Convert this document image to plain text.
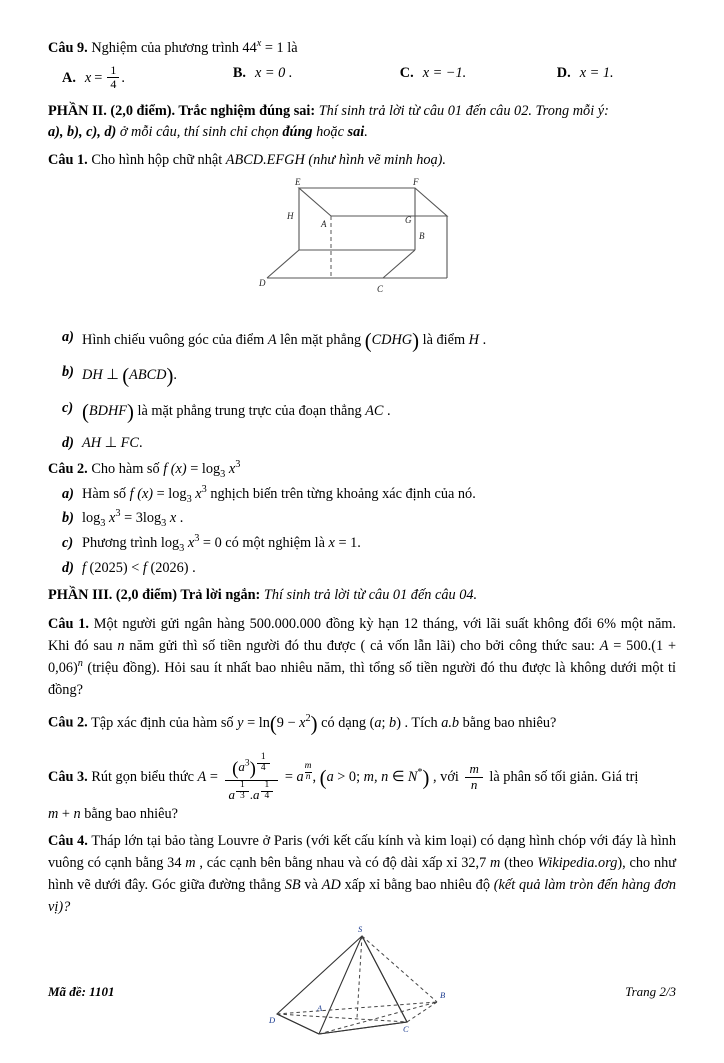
Câu 9. Nghiệm của phương trình $44^x = 1$ là
A. $x = \frac{1}{4}$ .	B. x = 0 .	C. x = −1.	D. x = 1.
PHẦN II. (2,0 điểm). Trắc nghiệm đúng sai: Thí sinh trả lời từ câu 01 đến câu 02. Trong mỗi ý:
a), b), c), d) ở mỗi câu, thí sinh chỉ chọn đúng hoặc sai.
Câu 1. Cho hình hộp chữ nhật ABCD.EFGH (như hình vẽ minh hoạ).
E	F
H	G
A
B
D
C
a) Hình chiếu vuông góc của điểm A lên mặt phẳng (CDHG) là điểm H .
b) DH ⊥ (ABCD).
c) (BDHF) là mặt phẳng trung trực của đoạn thẳng AC .
d) AH ⊥ FC.
Câu 2. Cho hàm số f $(x) = \log_3 x^3$
a) Hàm số f $(x) = \log_3 x^3$ nghịch biến trên từng khoảng xác định của nó.
b) $\log_3 x^3 = 3\log_3$ x .
c) Phương trình $\log_3 x^3 = 0$ có một nghiệm là x = 1.
d) f (2025) < f (2026) .
PHẦN III. (2,0 điểm) Trả lời ngắn: Thí sinh trả lời từ câu 01 đến câu 04.
Câu 1. Một người gửi ngân hàng 500.000.000 đồng kỳ hạn 12 tháng, với lãi suất không đổi 6% một năm. Khi đó sau n năm gửi thì số tiền người đó thu được ( cả vốn lẫn lãi) cho bởi công thức sau: $A = 500.(1 + 0,06)^n$ (triệu đồng). Hỏi sau ít nhất bao nhiêu năm, thì tổng số tiền người đó thu được là không dưới một tỉ đồng?
Câu 2. Tập xác định của hàm số $y = \ln(9 - x^2)$ có dạng (a; b) . Tích a.b bằng bao nhiêu?
Câu 3. Rút gọn biểu thức $A = (a^3)$ $^{\frac{1}{4}}$
a $^{\frac{1}{3}}$ .a $^{\frac{1}{4}}$ = a $^{\frac{m}{n}}$ , (a > 0; m, n ∈ N*) , với $\frac{m}{n}$ là phân số tối giản. Giá trị
m + n bằng bao nhiêu?
Câu 4. Tháp lớn tại bảo tàng Louvre ở Paris (với kết cấu kính và kim loại) có dạng hình chóp với đáy là hình vuông có cạnh bằng 34 m , các cạnh bên bằng nhau và có độ dài xấp xỉ 32,7 m (theo Wikipedia.org), cho như hình vẽ dưới đây. Góc giữa đường thẳng SB và AD xấp xỉ bằng bao nhiêu độ (kết quả làm tròn đến hàng đơn vị)?
S
A
B
D
C
Mã đề: 1101	Trang 2/3
